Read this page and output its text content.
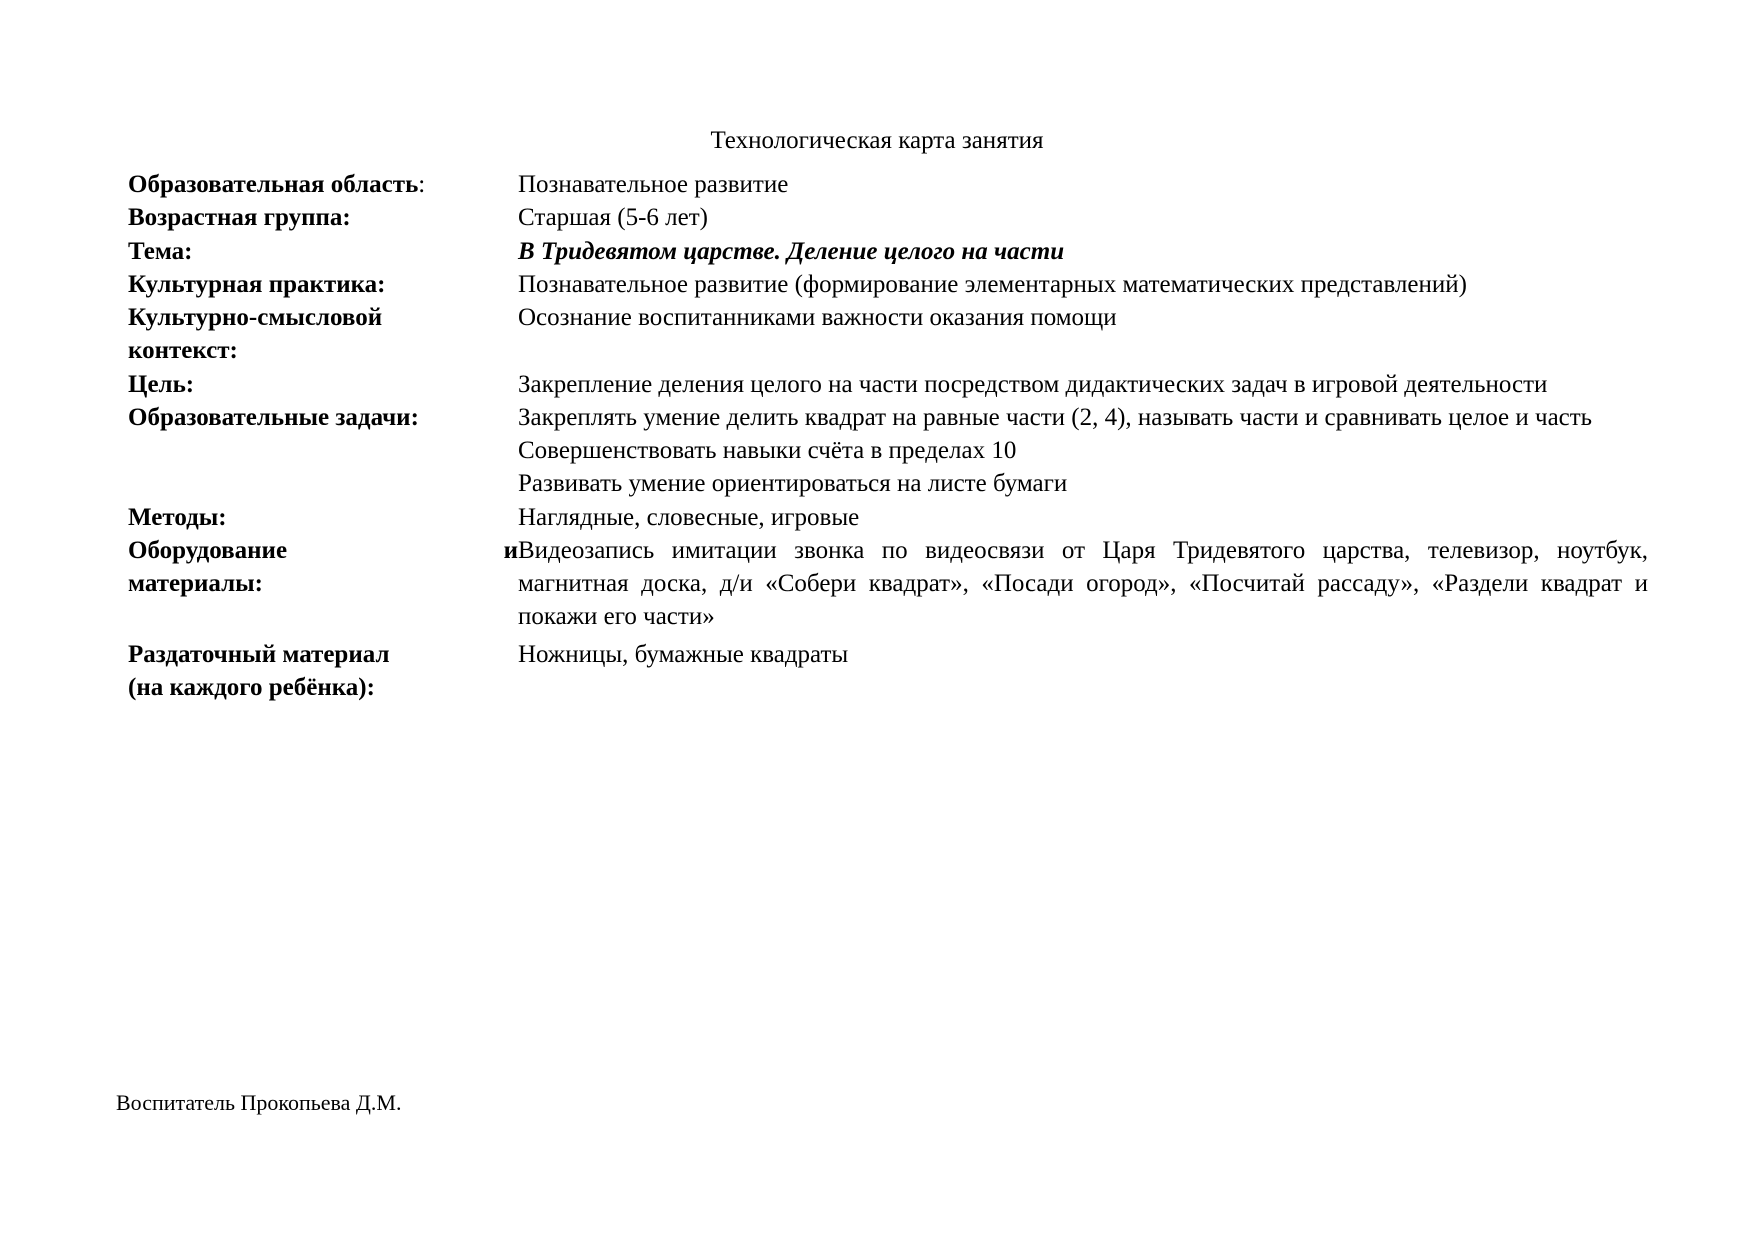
Технологическая карта занятия
Образовательная область:	Познавательное развитие
Возрастная группа:	Старшая (5-6 лет)
Тема:	В Тридевятом царстве. Деление целого на части
Культурная практика:	Познавательное развитие (формирование элементарных математических представлений)

Культурно-смысловой
контекст:	Осознание воспитанниками важности оказания помощи
Цель:	Закрепление деления целого на части посредством дидактических задач в игровой деятельности
Образовательные задачи:	Закреплять умение делить квадрат на равные части (2, 4), называть части и сравнивать целое и часть
Совершенствовать навыки счёта в пределах 10
Развивать умение ориентироваться на листе бумаги

Методы:	Наглядные, словесные, игровые

Оборудование и
материалы:	Видеозапись имитации звонка по видеосвязи от Царя Тридевятого царства, телевизор, ноутбук, магнитная доска, д/и «Собери квадрат», «Посади огород», «Посчитай рассаду», «Раздели квадрат и покажи его части»

Раздаточный материал
(на каждого ребёнка):	Ножницы, бумажные квадраты
Воспитатель Прокопьева Д.М.
